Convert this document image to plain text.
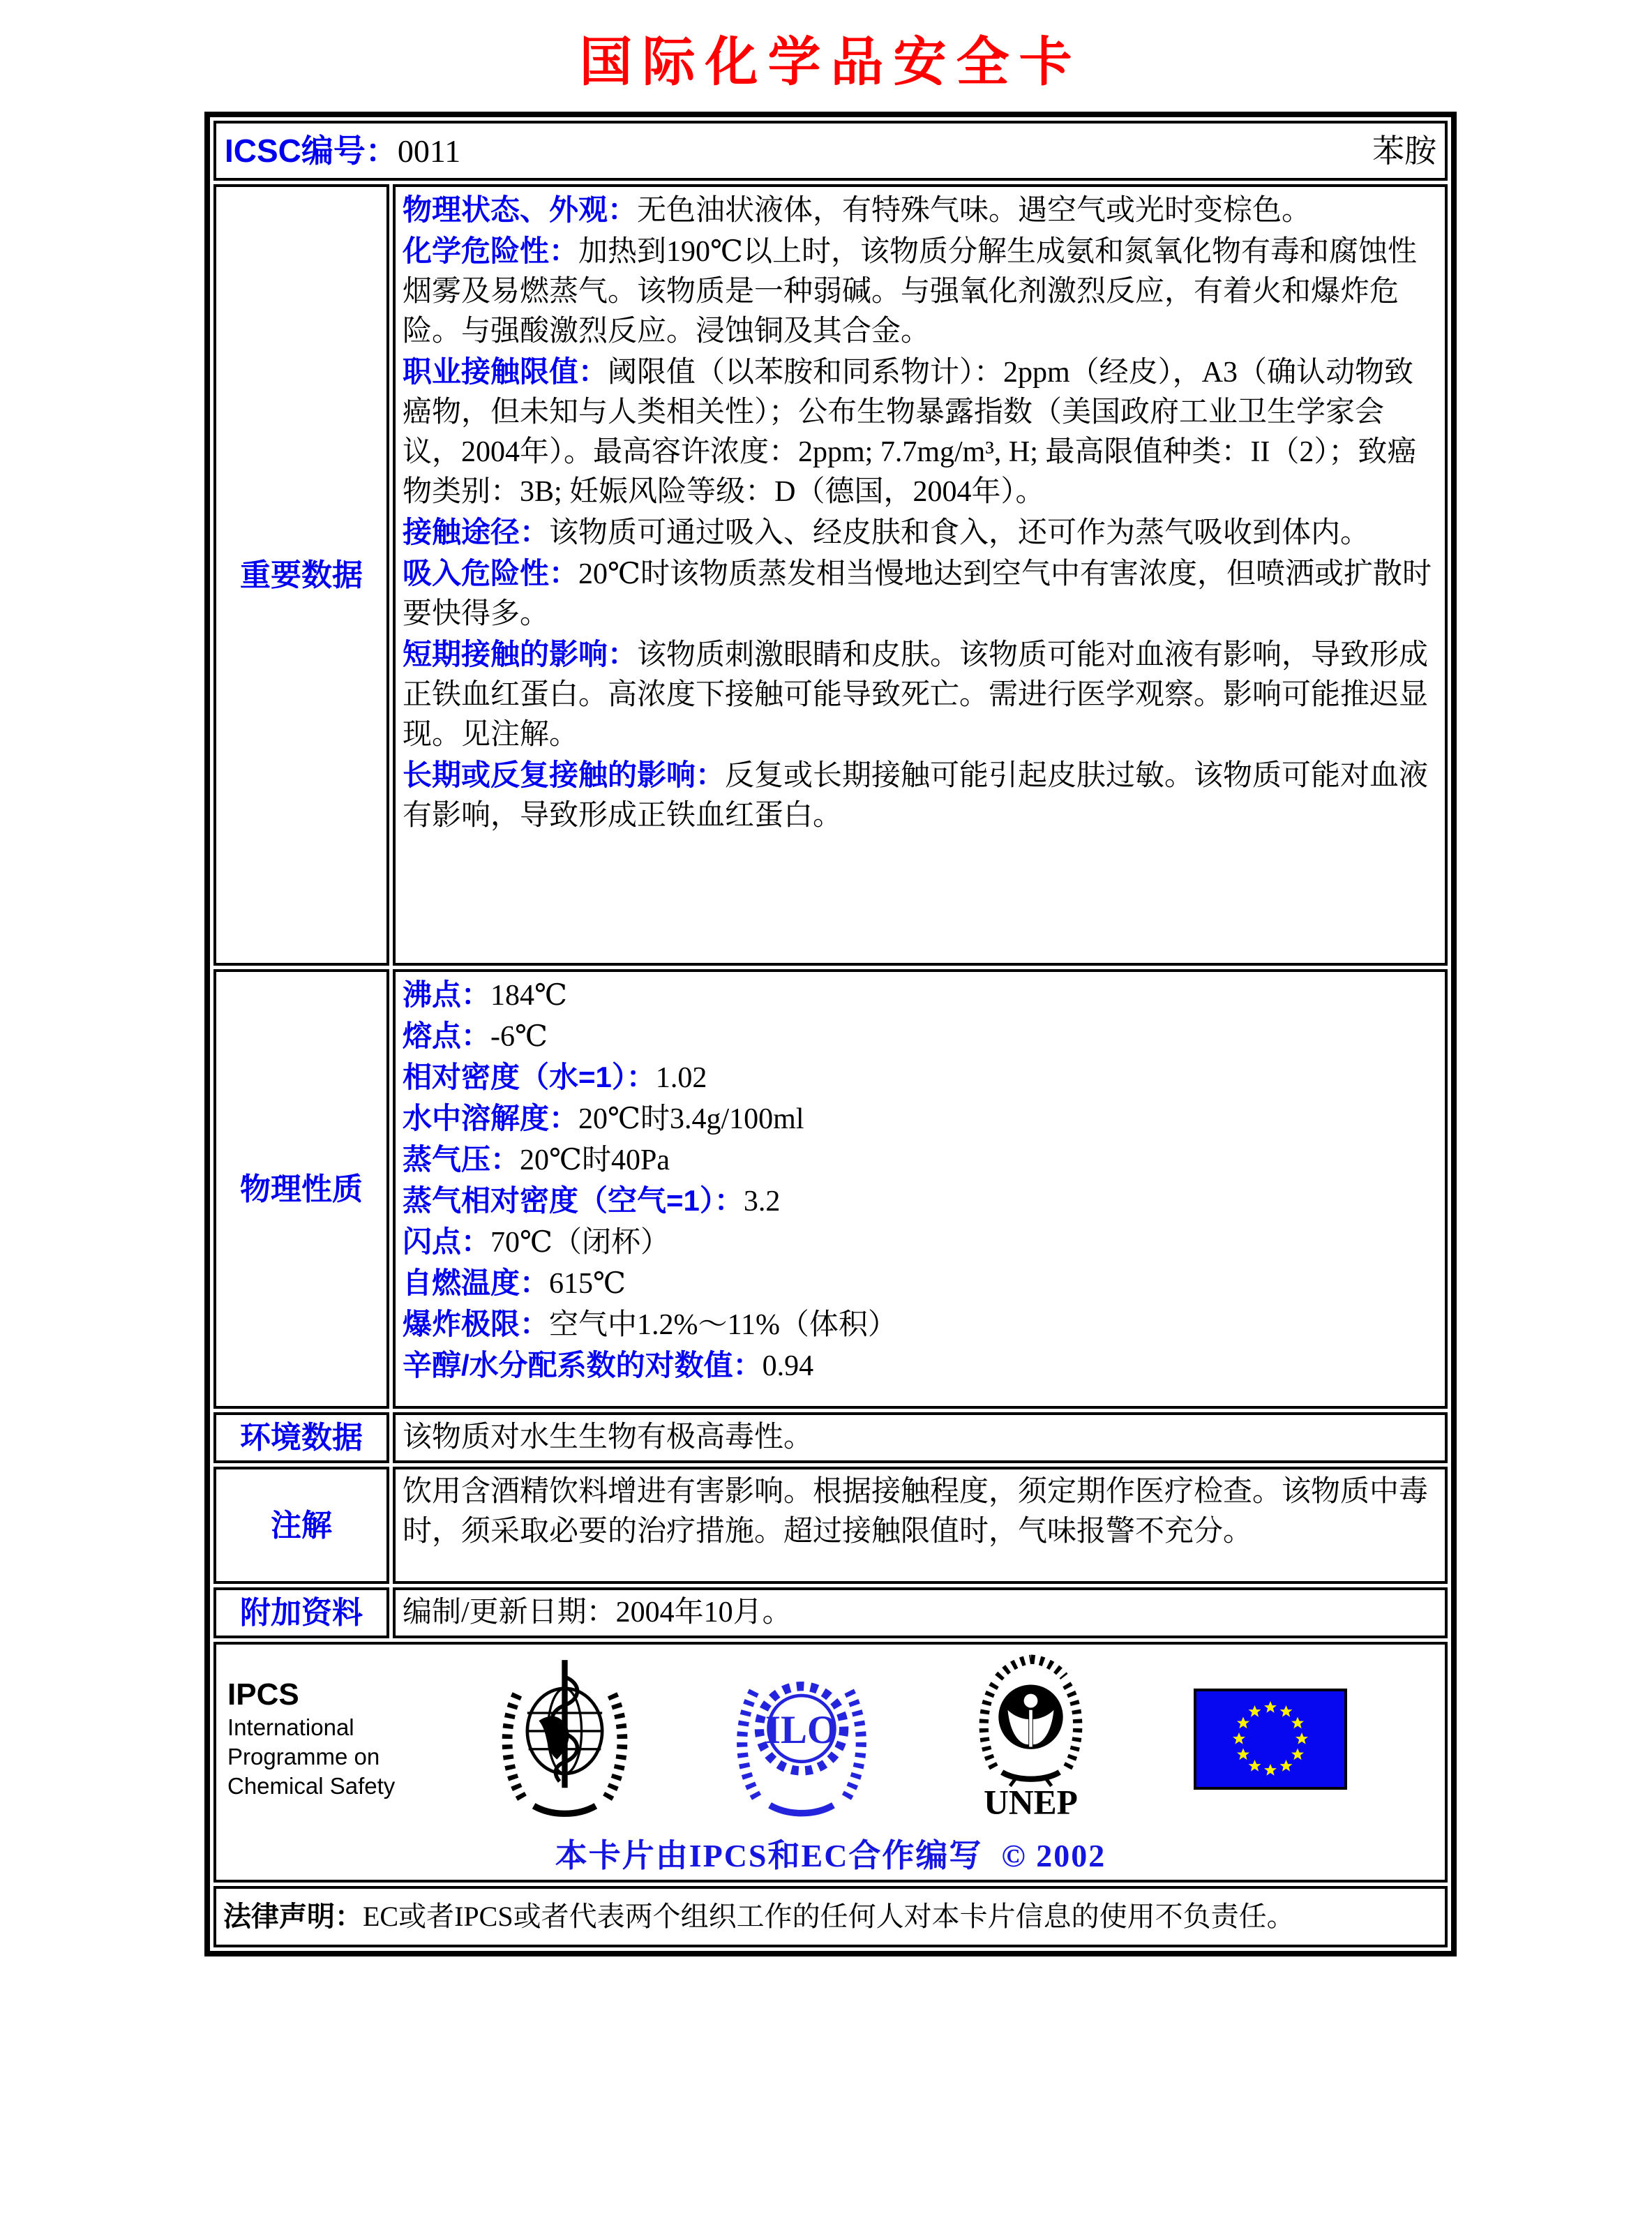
国际化学品安全卡
ICSC编号：0011 苯胺	

重要数据	

物理状态、外观：无色油状液体，有特殊气味。遇空气或光时变棕色。

化学危险性：加热到190℃以上时，该物质分解生成氨和氮氧化物有毒和腐蚀性烟雾及易燃蒸气。该物质是一种弱碱。与强氧化剂激烈反应，有着火和爆炸危险。与强酸激烈反应。浸蚀铜及其合金。

职业接触限值：阈限值（以苯胺和同系物计）：2ppm（经皮），A3（确认动物致癌物，但未知与人类相关性）；公布生物暴露指数（美国政府工业卫生学家会议，2004年）。最高容许浓度：2ppm; 7.7mg/m³, H; 最高限值种类：II（2）；致癌物类别：3B; 妊娠风险等级：D（德国，2004年）。

接触途径：该物质可通过吸入、经皮肤和食入，还可作为蒸气吸收到体内。

吸入危险性：20℃时该物质蒸发相当慢地达到空气中有害浓度，但喷洒或扩散时要快得多。

短期接触的影响：该物质刺激眼睛和皮肤。该物质可能对血液有影响，导致形成正铁血红蛋白。高浓度下接触可能导致死亡。需进行医学观察。影响可能推迟显现。见注解。

长期或反复接触的影响：反复或长期接触可能引起皮肤过敏。该物质可能对血液有影响，导致形成正铁血红蛋白。

物理性质	
沸点：184℃
熔点：-6℃
相对密度（水=1）：1.02
水中溶解度：20℃时3.4g/100ml
蒸气压：20℃时40Pa
蒸气相对密度（空气=1）：3.2
闪点：70℃（闭杯）
自燃温度：615℃
爆炸极限：空气中1.2%～11%（体积）
辛醇/水分配系数的对数值：0.94

环境数据	该物质对水生生物有极高毒性。
注解	饮用含酒精饮料增进有害影响。根据接触程度，须定期作医疗检查。该物质中毒时，须采取必要的治疗措施。超过接触限值时，气味报警不充分。
附加资料	编制/更新日期：2004年10月。

IPCS
International
Programme on
Chemical Safety
ILO
UNEP
本卡片由IPCS和EC合作编写 © 2002

法律声明：EC或者IPCS或者代表两个组织工作的任何人对本卡片信息的使用不负责任。	
